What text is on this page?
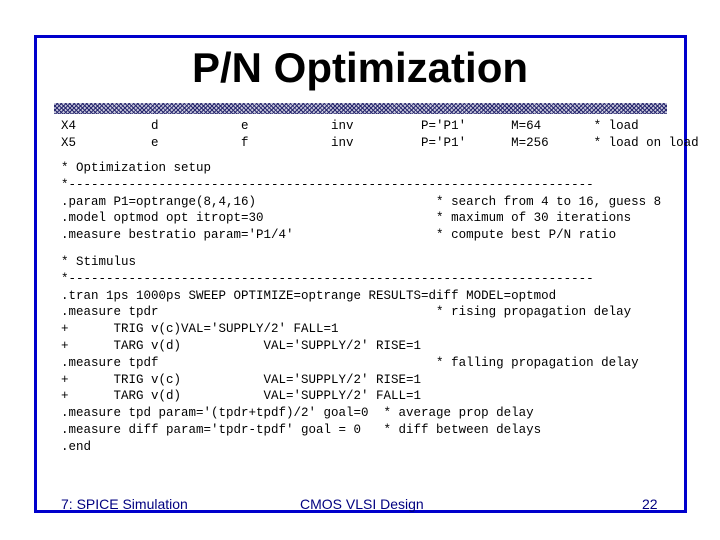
P/N Optimization
X4          d           e           inv         P='P1'      M=64       * load
X5          e           f           inv         P='P1'      M=256      * load on load
* Optimization setup
*----------------------------------------------------------------------
.param P1=optrange(8,4,16)                        * search from 4 to 16, guess 8
.model optmod opt itropt=30                       * maximum of 30 iterations
.measure bestratio param='P1/4'                   * compute best P/N ratio
* Stimulus
*----------------------------------------------------------------------
.tran 1ps 1000ps SWEEP OPTIMIZE=optrange RESULTS=diff MODEL=optmod
.measure tpdr                                     * rising propagation delay
+      TRIG v(c)VAL='SUPPLY/2' FALL=1
+      TARG v(d)           VAL='SUPPLY/2' RISE=1
.measure tpdf                                     * falling propagation delay
+      TRIG v(c)           VAL='SUPPLY/2' RISE=1
+      TARG v(d)           VAL='SUPPLY/2' FALL=1
.measure tpd param='(tpdr+tpdf)/2' goal=0  * average prop delay
.measure diff param='tpdr-tpdf' goal = 0   * diff between delays
.end
7: SPICE Simulation	CMOS VLSI Design	22
